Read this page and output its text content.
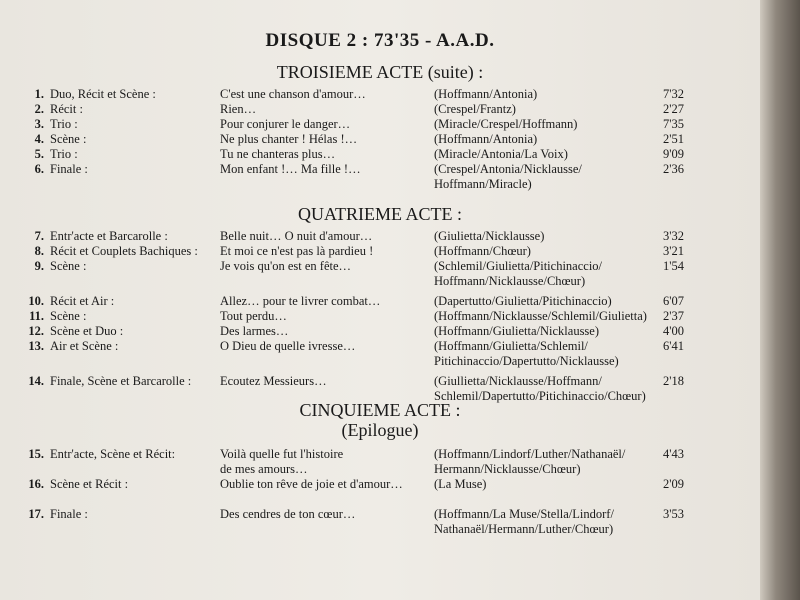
DISQUE 2 : 73'35 - A.A.D.
TROISIEME ACTE (suite) :
1. Duo, Récit et Scène :	C'est une chanson d'amour…	(Hoffmann/Antonia)	7'32
2. Récit :	Rien…	(Crespel/Frantz)	2'27
3. Trio :	Pour conjurer le danger…	(Miracle/Crespel/Hoffmann)	7'35
4. Scène :	Ne plus chanter ! Hélas !…	(Hoffmann/Antonia)	2'51
5. Trio :	Tu ne chanteras plus…	(Miracle/Antonia/La Voix)	9'09
6. Finale :	Mon enfant !… Ma fille !…	(Crespel/Antonia/Nicklausse/	2'36
Hoffmann/Miracle)
QUATRIEME ACTE :
7. Entr'acte et Barcarolle :	Belle nuit… O nuit d'amour…	(Giulietta/Nicklausse)	3'32
8. Récit et Couplets Bachiques : Et moi ce n'est pas là pardieu !	(Hoffmann/Chœur)	3'21
9. Scène :	Je vois qu'on est en fête…	(Schlemil/Giulietta/Pitichinaccio/	1'54
Hoffmann/Nicklausse/Chœur)
10. Récit et Air :	Allez… pour te livrer combat…	(Dapertutto/Giulietta/Pitichinaccio)	6'07
11. Scène :	Tout perdu…	(Hoffmann/Nicklausse/Schlemil/Giulietta)	2'37
12. Scène et Duo :	Des larmes…	(Hoffmann/Giulietta/Nicklausse)	4'00
13. Air et Scène :	O Dieu de quelle ivresse…	(Hoffmann/Giulietta/Schlemil/	6'41
Pitichinaccio/Dapertutto/Nicklausse)
14. Finale, Scène et Barcarolle : Ecoutez Messieurs…	(Giullietta/Nicklausse/Hoffmann/	2'18
Schlemil/Dapertutto/Pitichinaccio/Chœur)
CINQUIEME ACTE :
(Epilogue)
15. Entr'acte, Scène et Récit:	Voilà quelle fut l'histoire	(Hoffmann/Lindorf/Luther/Nathanaël/	4'43
de mes amours…	Hermann/Nicklausse/Chœur)
16. Scène et Récit :	Oublie ton rêve de joie et d'amour… (La Muse)	2'09
17. Finale :	Des cendres de ton cœur…	(Hoffmann/La Muse/Stella/Lindorf/	3'53
Nathanaël/Hermann/Luther/Chœur)
